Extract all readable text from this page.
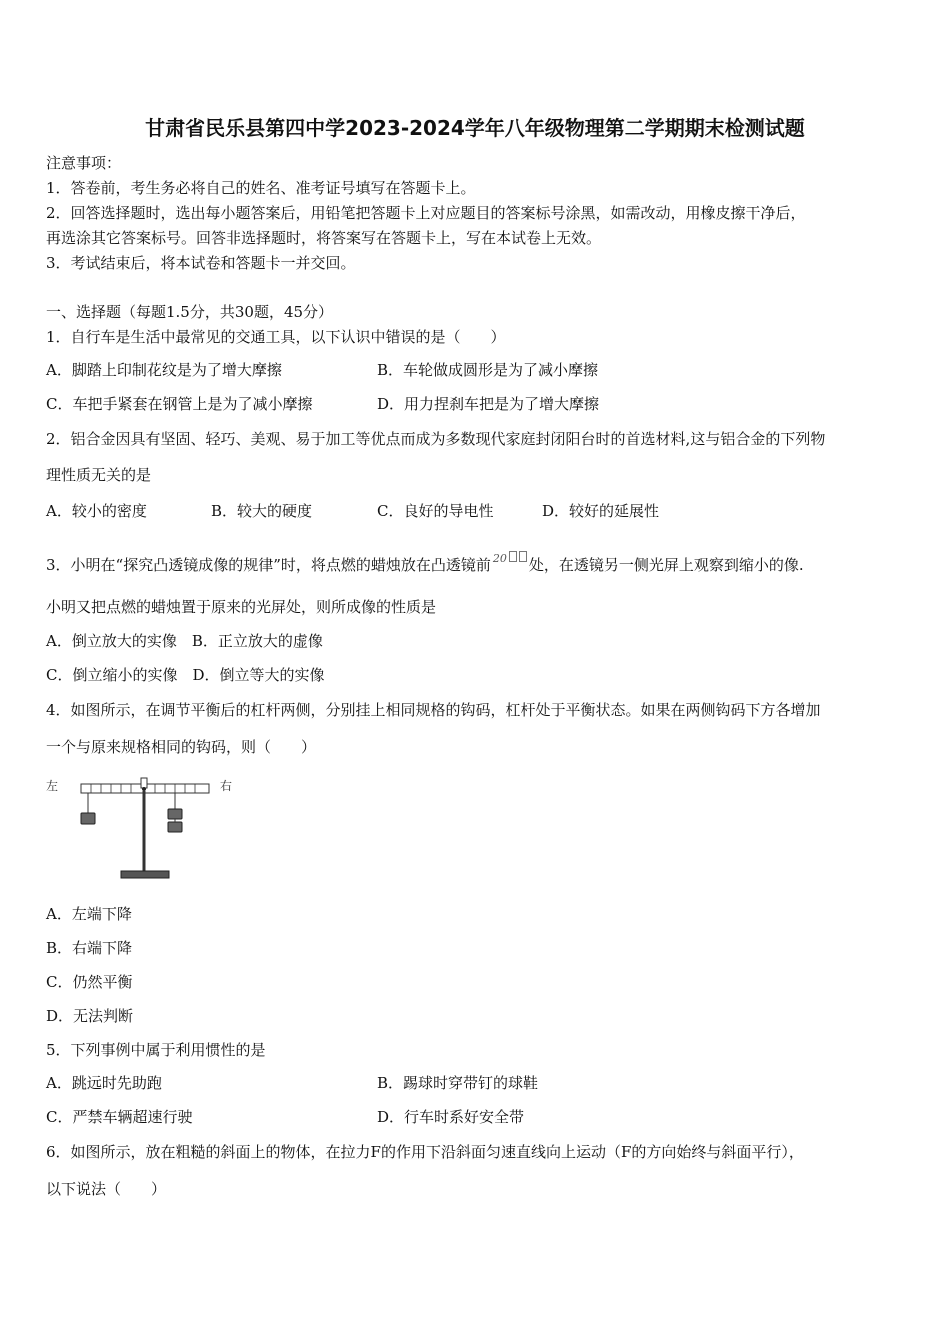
甘肃省民乐县第四中学2023-2024学年八年级物理第二学期期末检测试题
注意事项：
1．答卷前，考生务必将自己的姓名、准考证号填写在答题卡上。
2．回答选择题时，选出每小题答案后，用铅笔把答题卡上对应题目的答案标号涂黑，如需改动，用橡皮擦干净后，
再选涂其它答案标号。回答非选择题时，将答案写在答题卡上，写在本试卷上无效。
3．考试结束后，将本试卷和答题卡一并交回。
一、选择题（每题1.5分，共30题，45分）
1．自行车是生活中最常见的交通工具，以下认识中错误的是（　　）
A．脚踏上印制花纹是为了增大摩擦	B．车轮做成圆形是为了减小摩擦
C．车把手紧套在钢管上是为了减小摩擦	D．用力捏刹车把是为了增大摩擦
2．铝合金因具有坚固、轻巧、美观、易于加工等优点而成为多数现代家庭封闭阳台时的首选材料,这与铝合金的下列物
理性质无关的是
A．较小的密度	B．较大的硬度	C．良好的导电性	D．较好的延展性
3．小明在“探究凸透镜成像的规律”时，将点燃的蜡烛放在凸透镜前 20 处，在透镜另一侧光屏上观察到缩小的像.
小明又把点燃的蜡烛置于原来的光屏处，则所成像的性质是
A．倒立放大的实像　B．正立放大的虚像
C．倒立缩小的实像　D．倒立等大的实像
4．如图所示，在调节平衡后的杠杆两侧，分别挂上相同规格的钩码，杠杆处于平衡状态。如果在两侧钩码下方各增加
一个与原来规格相同的钩码，则（　　）
左	右
A．左端下降
B．右端下降
C．仍然平衡
D．无法判断
5．下列事例中属于利用惯性的是
A．跳远时先助跑	B．踢球时穿带钉的球鞋
C．严禁车辆超速行驶	D．行车时系好安全带
6．如图所示，放在粗糙的斜面上的物体，在拉力F的作用下沿斜面匀速直线向上运动（F的方向始终与斜面平行），
以下说法（　　）
